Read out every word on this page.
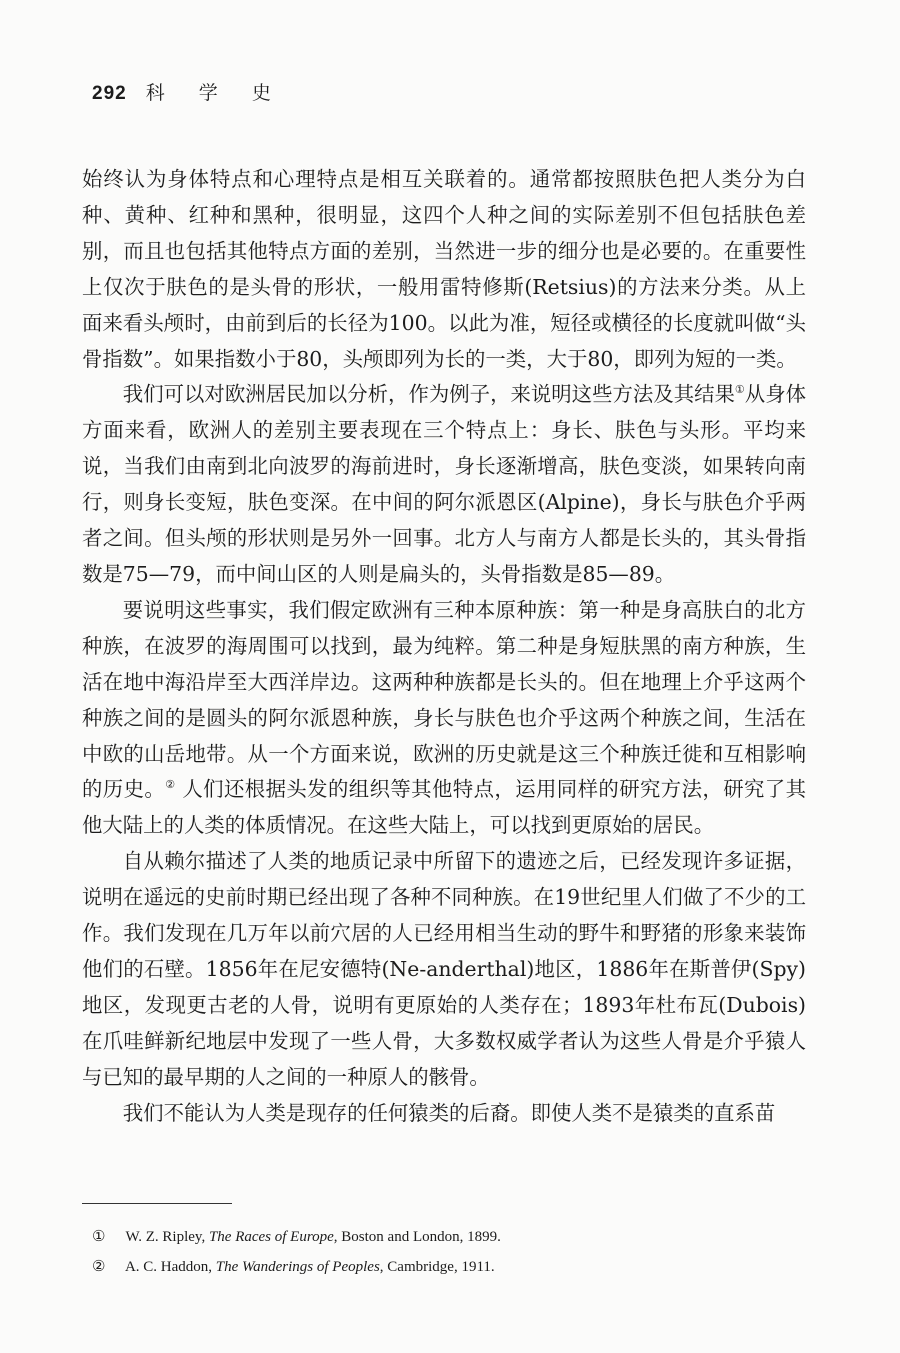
292 科 学 史

始终认为身体特点和心理特点是相互关联着的。通常都按照肤色把人类分为白种、黄种、红种和黑种，很明显，这四个人种之间的实际差别不但包括肤色差别，而且也包括其他特点方面的差别，当然进一步的细分也是必要的。在重要性上仅次于肤色的是头骨的形状，一般用雷特修斯(Retsius)的方法来分类。从上面来看头颅时，由前到后的长径为100。以此为准，短径或横径的长度就叫做“头骨指数”。如果指数小于80，头颅即列为长的一类，大于80，即列为短的一类。

我们可以对欧洲居民加以分析，作为例子，来说明这些方法及其结果①从身体方面来看，欧洲人的差别主要表现在三个特点上：身长、肤色与头形。平均来说，当我们由南到北向波罗的海前进时，身长逐渐增高，肤色变淡，如果转向南行，则身长变短，肤色变深。在中间的阿尔派恩区(Alpine)，身长与肤色介乎两者之间。但头颅的形状则是另外一回事。北方人与南方人都是长头的，其头骨指数是75—79，而中间山区的人则是扁头的，头骨指数是85—89。

要说明这些事实，我们假定欧洲有三种本原种族：第一种是身高肤白的北方种族，在波罗的海周围可以找到，最为纯粹。第二种是身短肤黑的南方种族，生活在地中海沿岸至大西洋岸边。这两种种族都是长头的。但在地理上介乎这两个种族之间的是圆头的阿尔派恩种族，身长与肤色也介乎这两个种族之间，生活在中欧的山岳地带。从一个方面来说，欧洲的历史就是这三个种族迁徙和互相影响的历史。② 人们还根据头发的组织等其他特点，运用同样的研究方法，研究了其他大陆上的人类的体质情况。在这些大陆上，可以找到更原始的居民。

自从赖尔描述了人类的地质记录中所留下的遗迹之后，已经发现许多证据，说明在遥远的史前时期已经出现了各种不同种族。在19世纪里人们做了不少的工作。我们发现在几万年以前穴居的人已经用相当生动的野牛和野猪的形象来装饰他们的石壁。1856年在尼安德特(Ne-anderthal)地区，1886年在斯普伊(Spy)地区，发现更古老的人骨，说明有更原始的人类存在；1893年杜布瓦(Dubois)在爪哇鲜新纪地层中发现了一些人骨，大多数权威学者认为这些人骨是介乎猿人与已知的最早期的人之间的一种原人的骸骨。

我们不能认为人类是现存的任何猿类的后裔。即使人类不是猿类的直系苗

① W. Z. Ripley, The Races of Europe, Boston and London, 1899.
② A. C. Haddon, The Wanderings of Peoples, Cambridge, 1911.
